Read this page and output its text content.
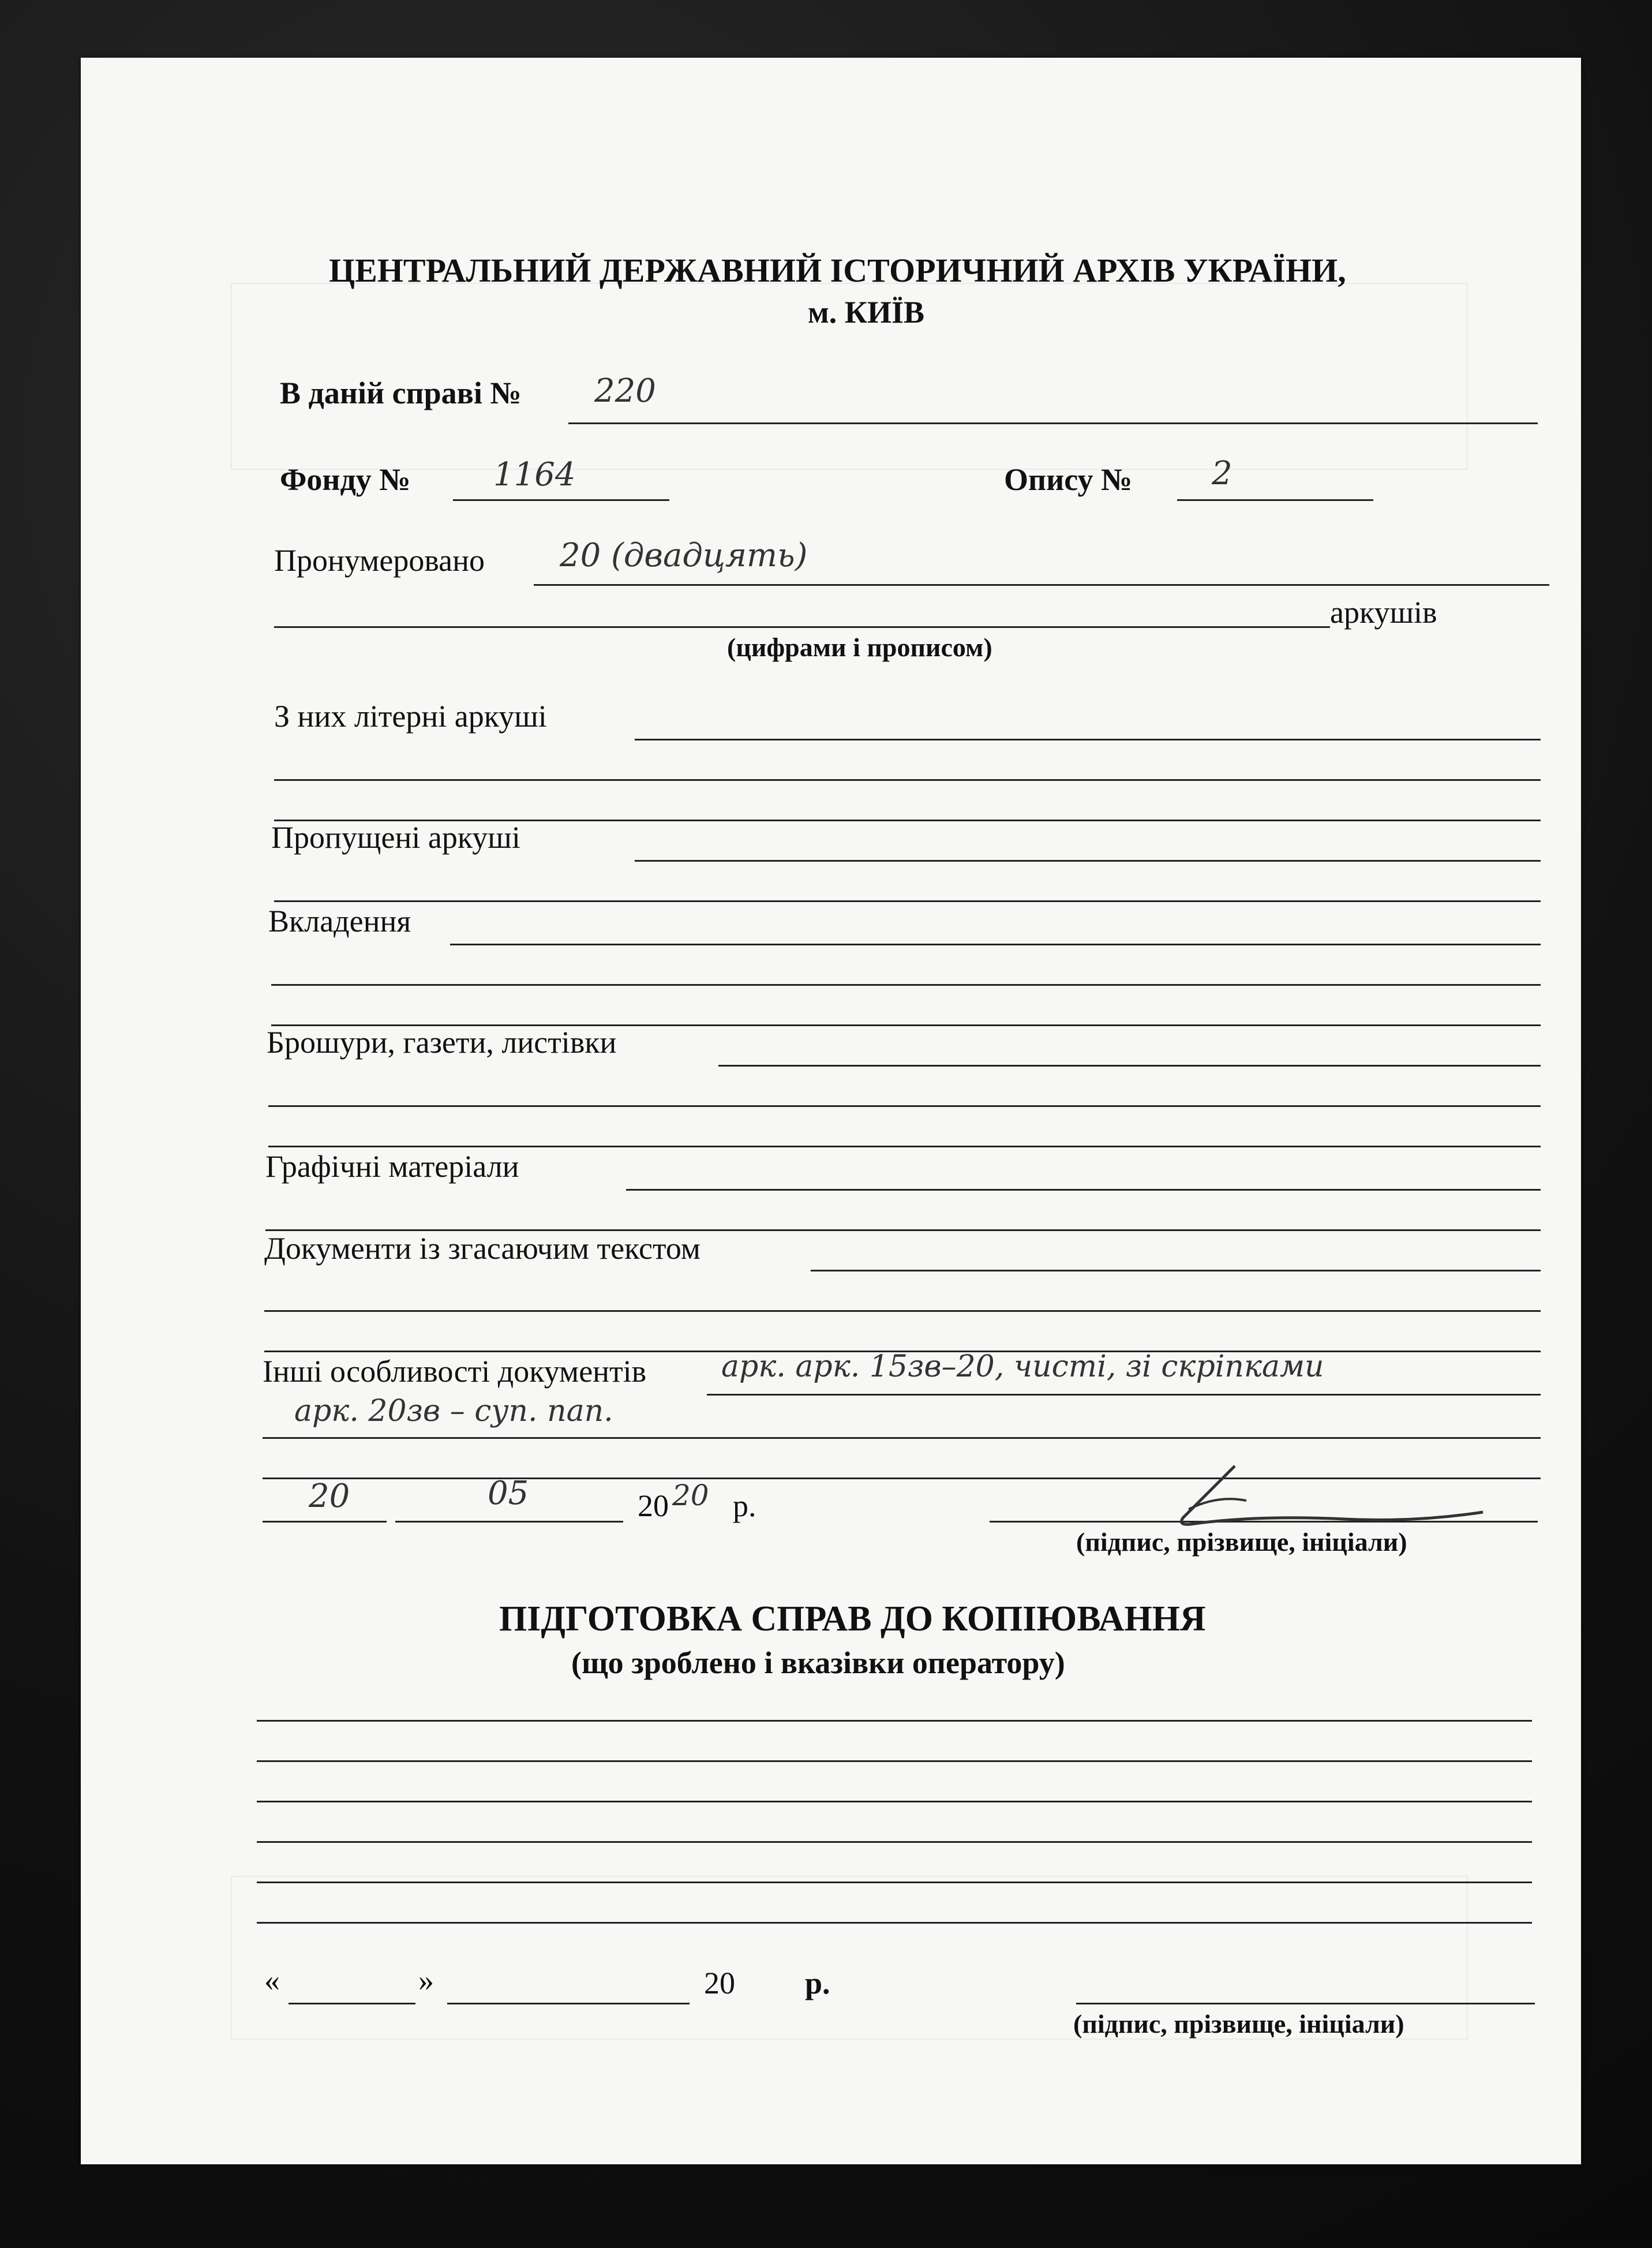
ЦЕНТРАЛЬНИЙ ДЕРЖАВНИЙ ІСТОРИЧНИЙ АРХІВ УКРАЇНИ,
м. КИЇВ
В даній справі № 220
Фонду №	1164	Опису № 2
Пронумеровано 20 (двадцять)
аркушів
(цифрами і прописом)
З них літерні аркуші
Пропущені аркуші
Вкладення
Брошури, газети, листівки
Графічні матеріали
Документи із згасаючим текстом
Інші особливості документів арк. арк. 15зв–20, чисті, зі скріпками
арк. 20зв – суп. пап.
20	05	20 20 р.
(підпис, прізвище, ініціали)
ПІДГОТОВКА СПРАВ ДО КОПІЮВАННЯ
(що зроблено і вказівки оператору)
«	»	20 р.
(підпис, прізвище, ініціали)
